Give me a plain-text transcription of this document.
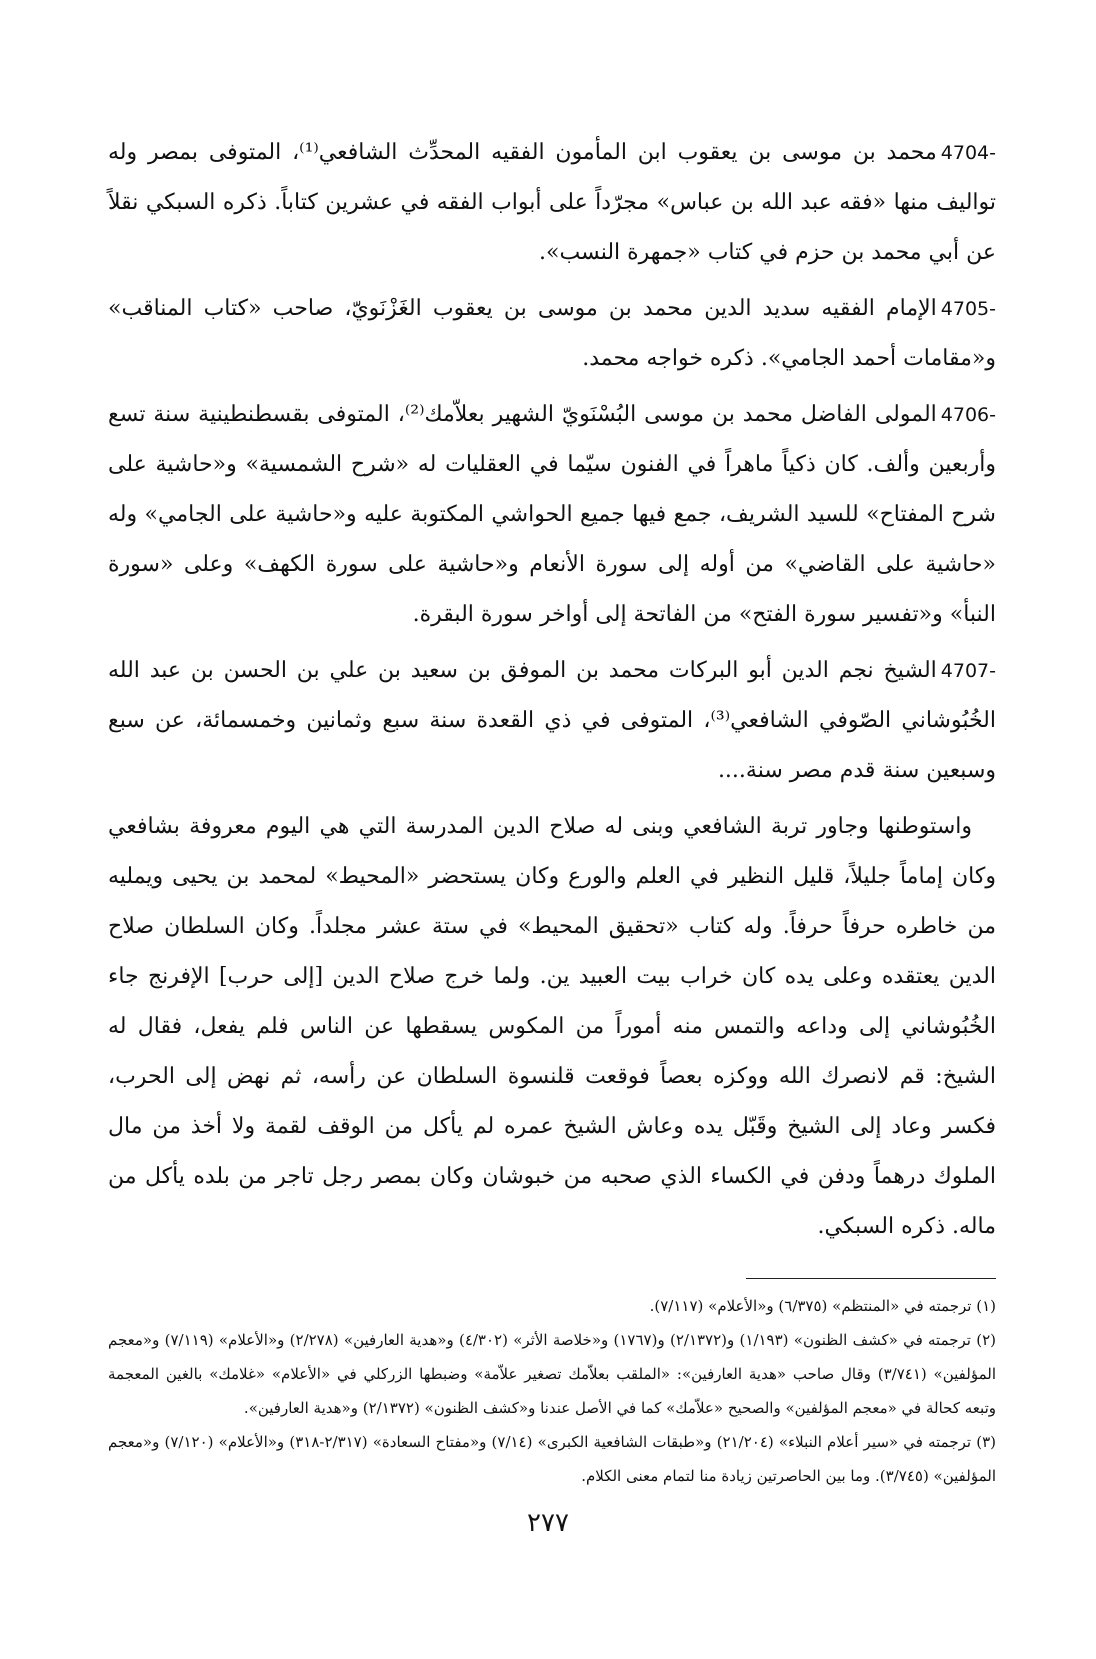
4704-محمد بن موسى بن يعقوب ابن المأمون الفقيه المحدِّث الشافعي⁽¹⁾، المتوفى بمصر وله تواليف منها «فقه عبد الله بن عباس» مجرّداً على أبواب الفقه في عشرين كتاباً. ذكره السبكي نقلاً عن أبي محمد بن حزم في كتاب «جمهرة النسب».

4705-الإمام الفقيه سديد الدين محمد بن موسى بن يعقوب الغَزْنَويّ، صاحب «كتاب المناقب» و«مقامات أحمد الجامي». ذكره خواجه محمد.

4706-المولى الفاضل محمد بن موسى البُسْنَويّ الشهير بعلاّمك⁽²⁾، المتوفى بقسطنطينية سنة تسع وأربعين وألف. كان ذكياً ماهراً في الفنون سيّما في العقليات له «شرح الشمسية» و«حاشية على شرح المفتاح» للسيد الشريف، جمع فيها جميع الحواشي المكتوبة عليه و«حاشية على الجامي» وله «حاشية على القاضي» من أوله إلى سورة الأنعام و«حاشية على سورة الكهف» وعلى «سورة النبأ» و«تفسير سورة الفتح» من الفاتحة إلى أواخر سورة البقرة.

4707-الشيخ نجم الدين أبو البركات محمد بن الموفق بن سعيد بن علي بن الحسن بن عبد الله الخُبُوشاني الصّوفي الشافعي⁽³⁾، المتوفى في ذي القعدة سنة سبع وثمانين وخمسمائة، عن سبع وسبعين سنة قدم مصر سنة....

واستوطنها وجاور تربة الشافعي وبنى له صلاح الدين المدرسة التي هي اليوم معروفة بشافعي وكان إماماً جليلاً، قليل النظير في العلم والورع وكان يستحضر «المحيط» لمحمد بن يحيى ويمليه من خاطره حرفاً حرفاً. وله كتاب «تحقيق المحيط» في ستة عشر مجلداً. وكان السلطان صلاح الدين يعتقده وعلى يده كان خراب بيت العبيد ين. ولما خرج صلاح الدين [إلى حرب] الإفرنج جاء الخُبُوشاني إلى وداعه والتمس منه أموراً من المكوس يسقطها عن الناس فلم يفعل، فقال له الشيخ: قم لانصرك الله ووكزه بعصاً فوقعت قلنسوة السلطان عن رأسه، ثم نهض إلى الحرب، فكسر وعاد إلى الشيخ وقَبّل يده وعاش الشيخ عمره لم يأكل من الوقف لقمة ولا أخذ من مال الملوك درهماً ودفن في الكساء الذي صحبه من خبوشان وكان بمصر رجل تاجر من بلده يأكل من ماله. ذكره السبكي.

(١) ترجمته في «المنتظم» (٦/٣٧٥) و«الأعلام» (٧/١١٧).

(٢) ترجمته في «كشف الظنون» (١/١٩٣) و(٢/١٣٧٢) و(١٧٦٧) و«خلاصة الأثر» (٤/٣٠٢) و«هدية العارفين» (٢/٢٧٨) و«الأعلام» (٧/١١٩) و«معجم المؤلفين» (٣/٧٤١) وقال صاحب «هدية العارفين»: «الملقب بعلاّمك تصغير علاّمة» وضبطها الزركلي في «الأعلام» «غلامك» بالغين المعجمة وتبعه كحالة في «معجم المؤلفين» والصحيح «علاّمك» كما في الأصل عندنا و«كشف الظنون» (٢/١٣٧٢) و«هدية العارفين».

(٣) ترجمته في «سير أعلام النبلاء» (٢١/٢٠٤) و«طبقات الشافعية الكبرى» (٧/١٤) و«مفتاح السعادة» (٢/٣١٧-٣١٨) و«الأعلام» (٧/١٢٠) و«معجم المؤلفين» (٣/٧٤٥). وما بين الحاصرتين زيادة منا لتمام معنى الكلام.

٢٧٧
